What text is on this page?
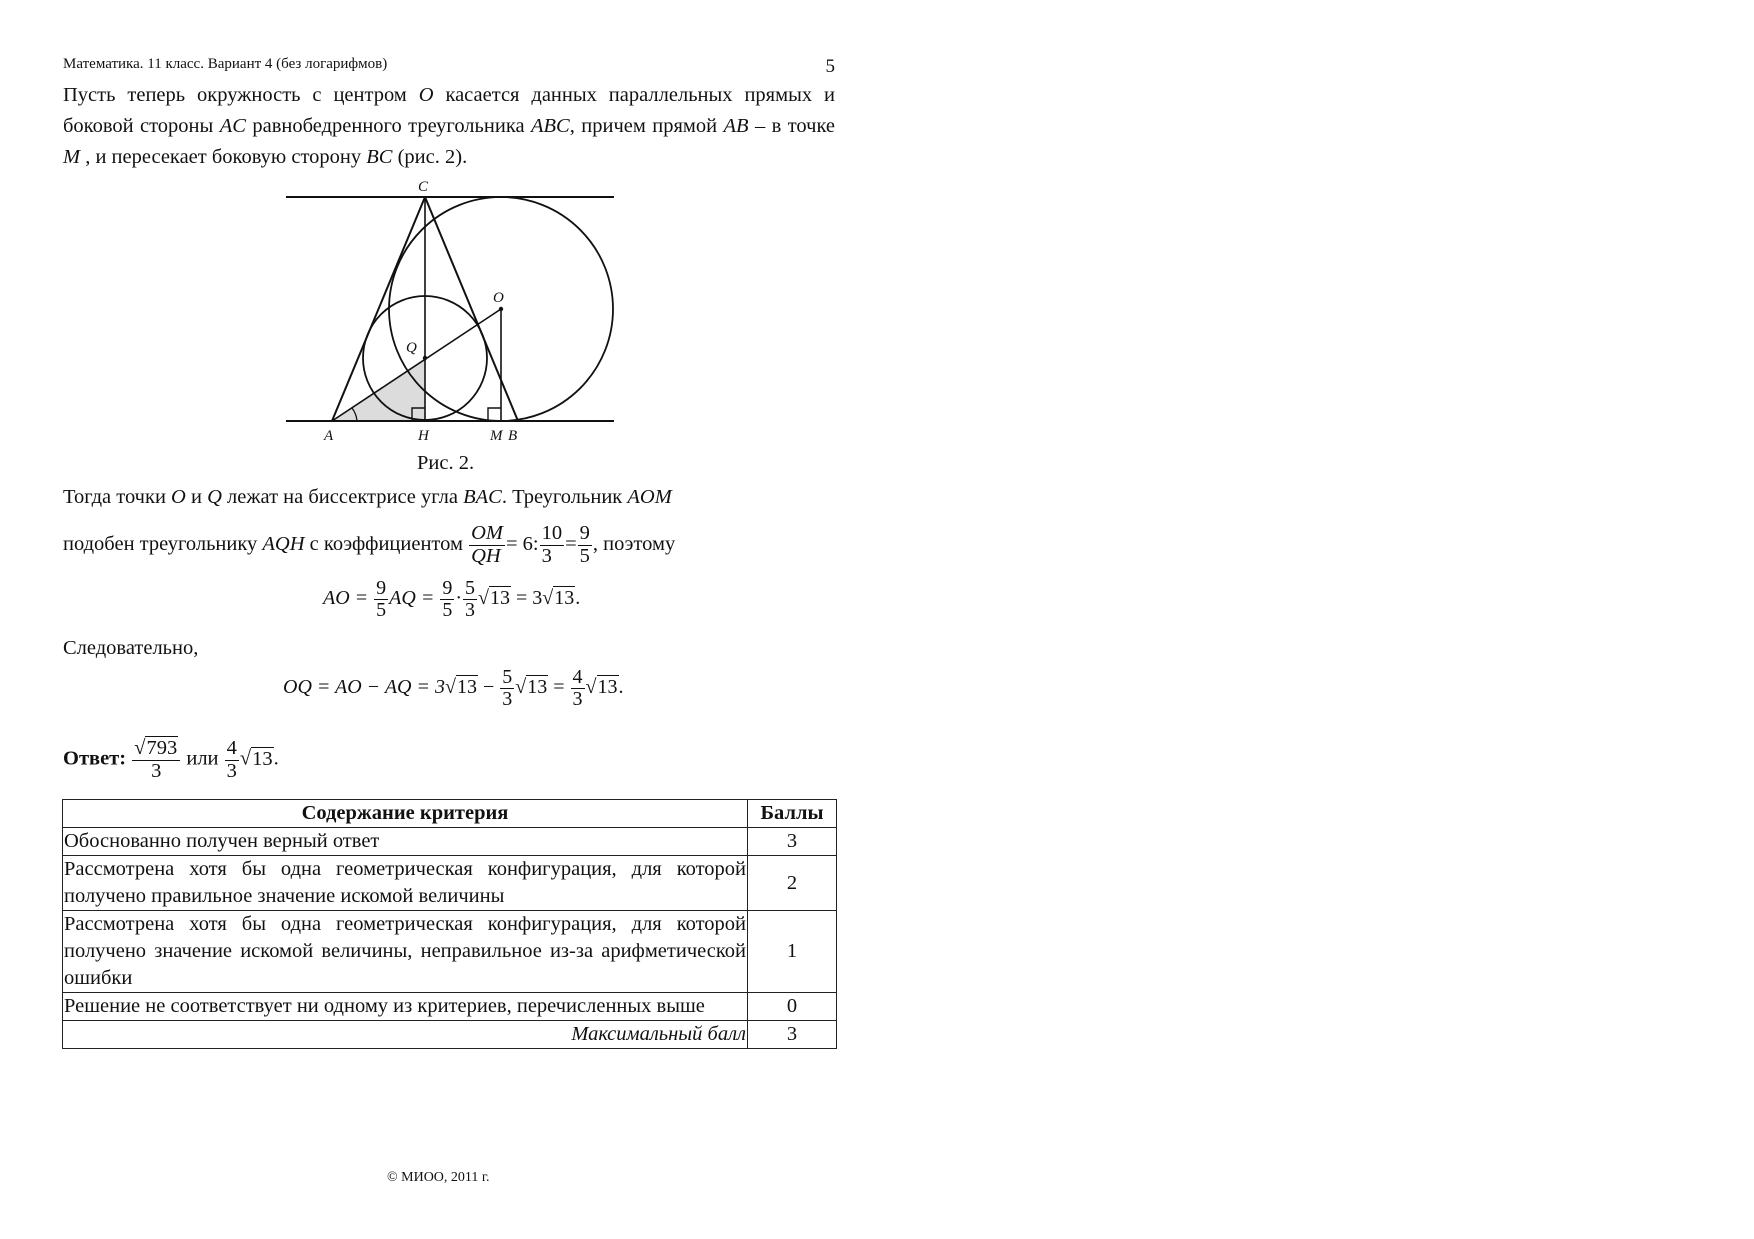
Математика. 11 класс. Вариант 4 (без логарифмов)	5
Пусть теперь окружность с центром O касается данных параллельных прямых и боковой стороны AC равнобедренного треугольника ABC, причем прямой AB – в точке M , и пересекает боковую сторону BC (рис. 2).
C
O
Q
A	H	M B
Рис. 2.
Тогда точки O и Q лежат на биссектрисе угла BAC. Треугольник AOM
подобен треугольнику AQH с коэффициентом $\frac{OM}{QH} = 6$: $\frac{10}{3} = \frac{9}{5}$ , поэтому
AO = $\frac{9}{5}$ AQ = $\frac{9}{5} \cdot \frac{5}{3} √13 = 3√13$.
Следовательно,
OQ = AO − AQ = $3√13 - \frac{5}{3} √13 = \frac{4}{3} √13$.
Ответ: $\frac{√793}{3}$ или $\frac{4}{3} √13$.
Содержание критерия	Баллы
Обоснованно получен верный ответ	3
Рассмотрена хотя бы одна геометрическая конфигурация, для которой получено правильное значение искомой величины	2
Рассмотрена хотя бы одна геометрическая конфигурация, для которой получено значение искомой величины, неправильное из-за арифметической ошибки	1
Решение не соответствует ни одному из критериев, перечисленных выше	0
Максимальный балл	3
© МИОО, 2011 г.
